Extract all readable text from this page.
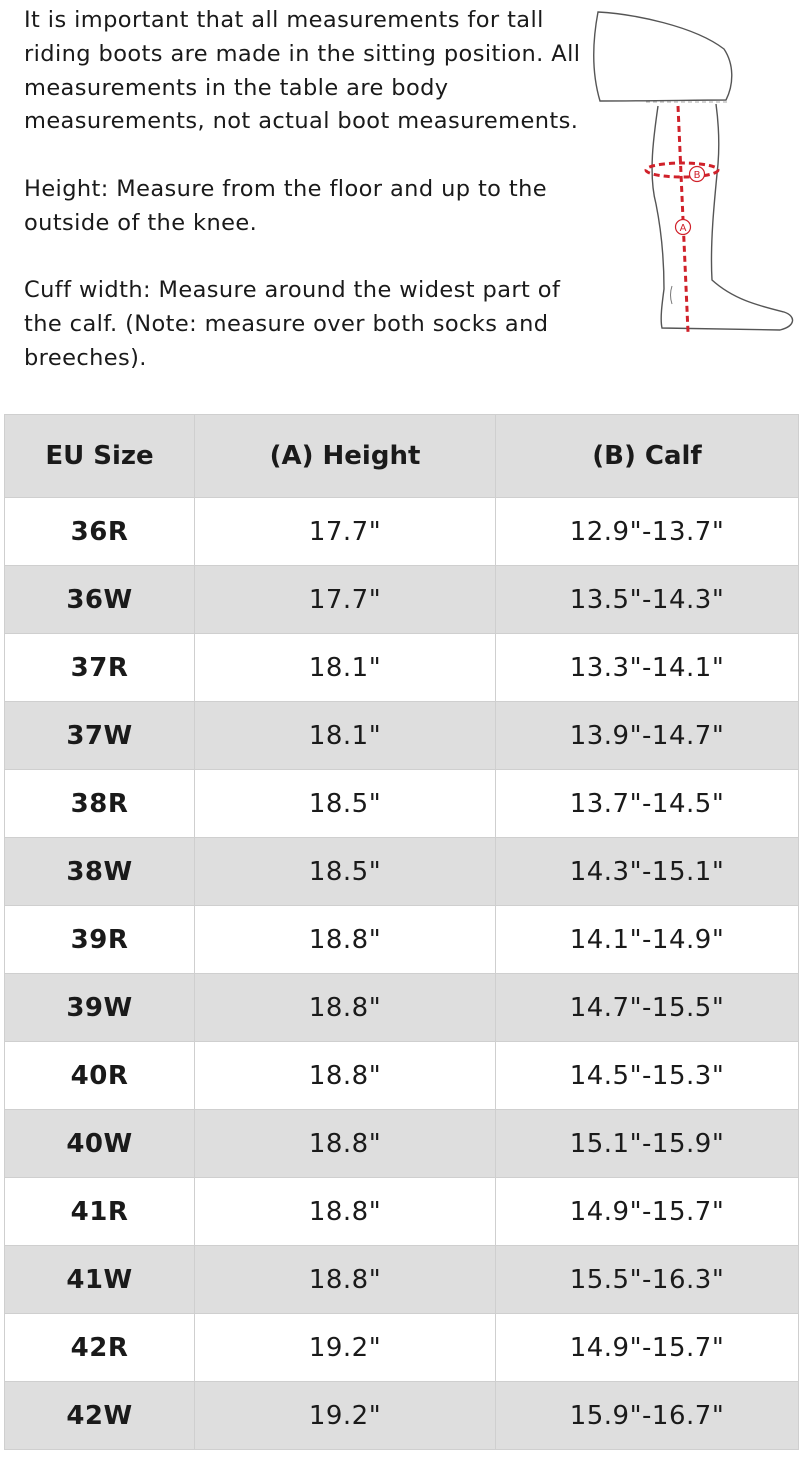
It is important that all measurements for tall riding boots are made in the sitting position. All measurements in the table are body measurements, not actual boot measurements.

Height: Measure from the floor and up to the outside of the knee.

Cuff width: Measure around the widest part of the calf. (Note: measure over both socks and breeches).

B
A
EU Size	(A) Height	(B) Calf
36R	17.7"	12.9"-13.7"
36W	17.7"	13.5"-14.3"
37R	18.1"	13.3"-14.1"
37W	18.1"	13.9"-14.7"
38R	18.5"	13.7"-14.5"
38W	18.5"	14.3"-15.1"
39R	18.8"	14.1"-14.9"
39W	18.8"	14.7"-15.5"
40R	18.8"	14.5"-15.3"
40W	18.8"	15.1"-15.9"
41R	18.8"	14.9"-15.7"
41W	18.8"	15.5"-16.3"
42R	19.2"	14.9"-15.7"
42W	19.2"	15.9"-16.7"
